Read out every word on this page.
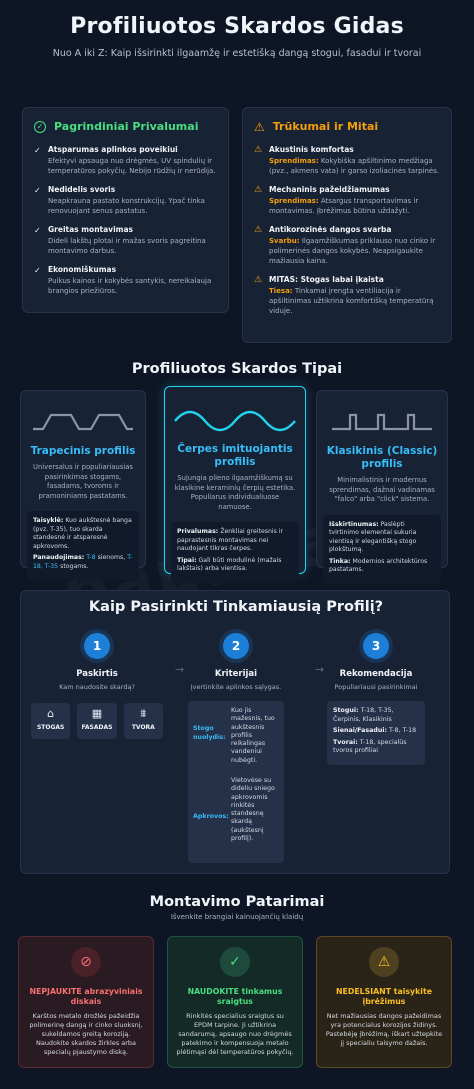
Profiliuotos Skardos Gidas

Nuo A iki Z: Kaip išsirinkti ilgaamžę ir estetišką dangą stogui, fasadui ir tvorai

✓ Pagrindiniai Privalumai
✓ Atsparumas aplinkos poveikiui
Efektyvi apsauga nuo drėgmės, UV spindulių ir temperatūros pokyčių. Nebijo rūdžių ir nerūdija.
✓ Nedidelis svoris
Neapkrauna pastato konstrukcijų. Ypač tinka renovuojant senus pastatus.
✓ Greitas montavimas
Dideli lakštų plotai ir mažas svoris pagreitina montavimo darbus.
✓ Ekonomiškumas
Puikus kainos ir kokybės santykis, nereikalauja brangios priežiūros.
⚠ Trūkumai ir Mitai
⚠ Akustinis komfortas
Sprendimas: Kokybiška apšiltinimo medžiaga (pvz., akmens vata) ir garso izoliacinės tarpinės.
⚠ Mechaninis pažeidžiamumas
Sprendimas: Atsargus transportavimas ir montavimas. Įbrėžimus būtina uždažyti.
⚠ Antikorozinės dangos svarba
Svarbu: Ilgaamžiškumas priklauso nuo cinko ir polimerinės dangos kokybės. Neapsigaukite mažiausia kaina.
⚠ MITAS: Stogas labai įkaista
Tiesa: Tinkamai įrengta ventiliacija ir apšiltinimas užtikrina komfortišką temperatūrą viduje.
Profiliuotos Skardos Tipai
Trapecinis profilis
Universalus ir populiariausias pasirinkimas stogams, fasadams, tvoroms ir pramoniniams pastatams.

Taisyklė: Kuo aukštesnė banga (pvz. T-35), tuo skarda standesnė ir atsparesnė apkrovoms.

Panaudojimas: T-8 sienoms, T-18, T-35 stogams.

Čerpes imituojantis profilis
Sujungia plieno ilgaamžiškumą su klasikine keraminių čerpių estetika. Populiarus individualiuose namuose.

Privalumas: Ženkliai greitesnis ir paprastesnis montavimas nei naudojant tikras čerpes.

Tipai: Gali būti modulinė (mažais lakštais) arba vientisa.

Klasikinis (Classic) profilis
Minimalistinis ir modernus sprendimas, dažnai vadinamas "falco" arba "click" sistema.

Išskirtinumas: Paslėpti tvirtinimo elementai sukuria vientisą ir elegantišką stogo plokštumą.

Tinka: Modernios architektūros pastatams.

Kaip Pasirinkti Tinkamiausią Profilį?
1
Paskirtis
Kam naudosite skardą?
⌂
STOGAS
▦
FASADAS
⩩
TVORA
→
2
Kriterijai
Įvertinkite aplinkos sąlygas.
Stogo nuolydis:
Kuo jis mažesnis, tuo aukštesnis profilis reikalingas vandeniui nubėgti.
Apkrovos:
Vietovėse su dideliu sniego apkrovomis rinkitės standesnę skardą (aukštesnį profilį).
→
3
Rekomendacija
Populiariausi pasirinkimai

Stogui: T-18, T-35, Čerpinis, Klasikinis

Sienai/Fasadui: T-8, T-18

Tvorai: T-18, specialūs tvoros profiliai

Montavimo Patarimai
Išvenkite brangiai kainuojančių klaidų
⊘
NEPJAUKITE abrazyviniais diskais
Karštos metalo drožlės pažeidžia polimerinę dangą ir cinko sluoksnį, sukeldamos greitą koroziją. Naudokite skardos žirkles arba specialų pjaustymo diską.
✓
NAUDOKITE tinkamus sraigtus
Rinkitės specialius sraigtus su EPDM tarpine. Ji užtikrina sandarumą, apsaugo nuo drėgmės patekimo ir kompensuoja metalo plėtimąsi dėl temperatūros pokyčių.
⚠
NEDELSIANT taisykite įbrėžimus
Net mažiausias dangos pažeidimas yra potencialus korozijos židinys. Pastebėję įbrėžimą, iškart užtepkite jį specialiu taisymo dažais.
